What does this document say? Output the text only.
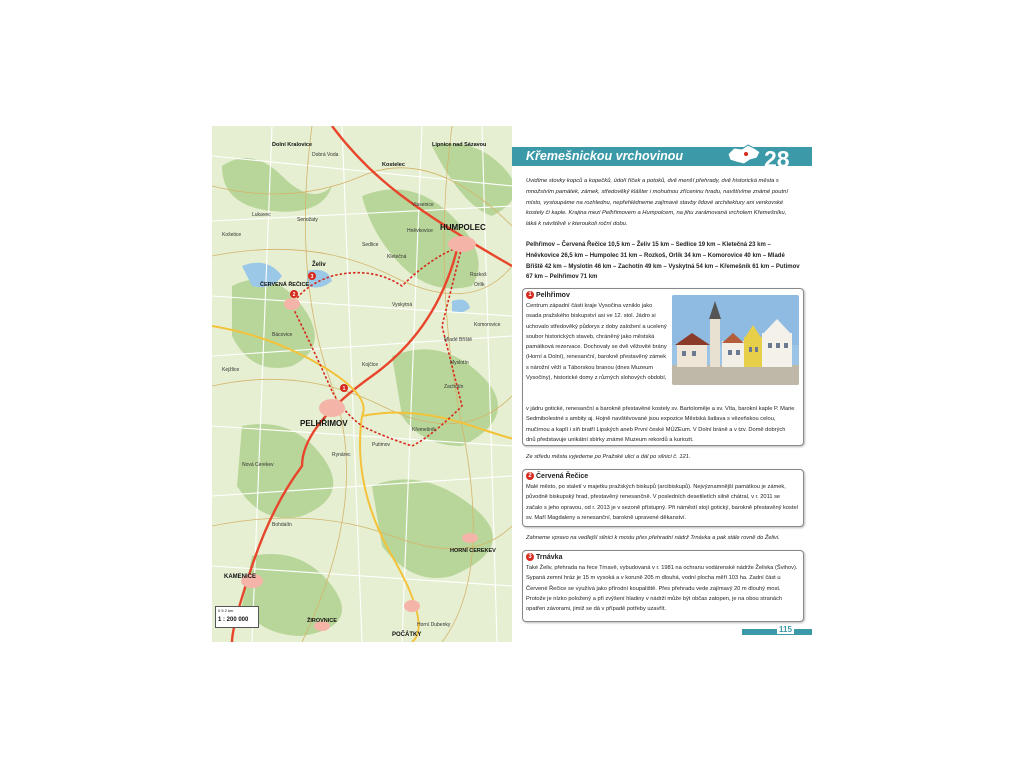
1
2
3
HUMPOLEC
PELHŘIMOV
ČERVENÁ ŘEČICE
KAMENICE
POČÁTKY
HORNÍ CEREKEV
ŽIROVNICE
Želiv
Dolní Kralovice	Lipnice nad Sázavou
Kostelec
Sedlice
Kletečná
Hněvkovice
Rozkoš
Orlík
Komorovice
Mladé Bříště
Myslotín
Zachotín
Vyskytná
Křemešník
Putimov
Vlasenice
Košetice
Lukavec
Senožaty
Dobrá Voda
Bácovice
Nová Cerekev
Horní Dubenky
Rynárec
Kejžlice
Kojčice
Bohdalín
0 5 2 km
1 : 200 000
Křemešnickou vrchovinou	28
Uvidíme stovky kopců a kopečků, údolí říček a potoků, dvě menší přehrady, dvě historická města s množstvím památek, zámek, středověký klášter i mohutnou zříceninu hradu, navštívíme známé poutní místo, vystoupáme na rozhlednu, nepřehlédneme zajímavé stavby lidové architektury ani venkovské kostely či kaple. Krajina mezi Pelhřimovem a Humpolcem, na jihu zarámovaná vrcholem Křemešníku, láká k návštěvě v kteroukoli roční dobu.
Pelhřimov – Červená Řečice 10,5 km – Želiv 15 km – Sedlice 19 km – Kletečná 23 km – Hněvkovice 26,5 km – Humpolec 31 km – Rozkoš, Orlík 34 km – Komorovice 40 km – Mladé Bříště 42 km – Myslotín 46 km – Zachotín 49 km – Vyskytná 54 km – Křemešník 61 km – Putimov 67 km – Pelhřimov 71 km
1 Pelhřimov
Centrum západní části kraje Vysočina vzniklo jako osada pražského biskupství asi ve 12. stol. Jádro si uchovalo středověký půdorys z doby založení a ucelený soubor historických staveb, chráněný jako městská památková rezervace. Dochovaly se dvě věžovité brány (Horní a Dolní), renesanční, barokně přestavěný zámek s nárožní věží a Táborskou branou (dnes Muzeum Vysočiny), historické domy z různých slohových období,
v jádru gotické, renesanční a barokně přestavěné kostely sv. Bartoloměje a sv. Víta, barokní kaple P. Marie Sedmibolestné s ambity aj. Hojně navštěvované jsou expozice Městská šatlava s vězeňskou celou, mučírnou a kaplí i síň bratří Lipských aneb První české MÚZEum. V Dolní bráně a v tzv. Domě dobrých dnů představuje unikátní sbírky známé Muzeum rekordů a kuriozit.
Ze středu města vyjedeme po Pražské ulici a dál po silnici č. 121.
2 Červená Řečice
Malé město, po staletí v majetku pražských biskupů (arcibiskupů). Nejvýznamnější památkou je zámek, původně biskupský hrad, přestavěný renesančně. V posledních desetiletích silně chátral, v r. 2011 se začalo s jeho opravou, od r. 2013 je v sezoně přístupný. Při náměstí stojí gotický, barokně přestavěný kostel sv. Maří Magdaleny a renesanční, barokně upravené děkanství.
Zahneme vpravo na vedlejší silnici k mostu přes přehradní nádrž Trnávka a pak stále rovně do Želivi.
3 Trnávka
Také Želiv, přehrada na řece Trnavě, vybudovaná v r. 1981 na ochranu vodárenské nádrže Želivka (Švihov). Sypaná zemní hráz je 15 m vysoká a v koruně 205 m dlouhá, vodní plocha měří 103 ha. Zadní část u Červené Řečice se využívá jako přírodní koupaliště. Přes přehradu vede zajímavý 20 m dlouhý most. Protože je nízko položený a při zvýšení hladiny v nádrži může být občas zatopen, je na obou stranách opatřen závorami, jimiž se dá v případě potřeby uzavřít.
115
